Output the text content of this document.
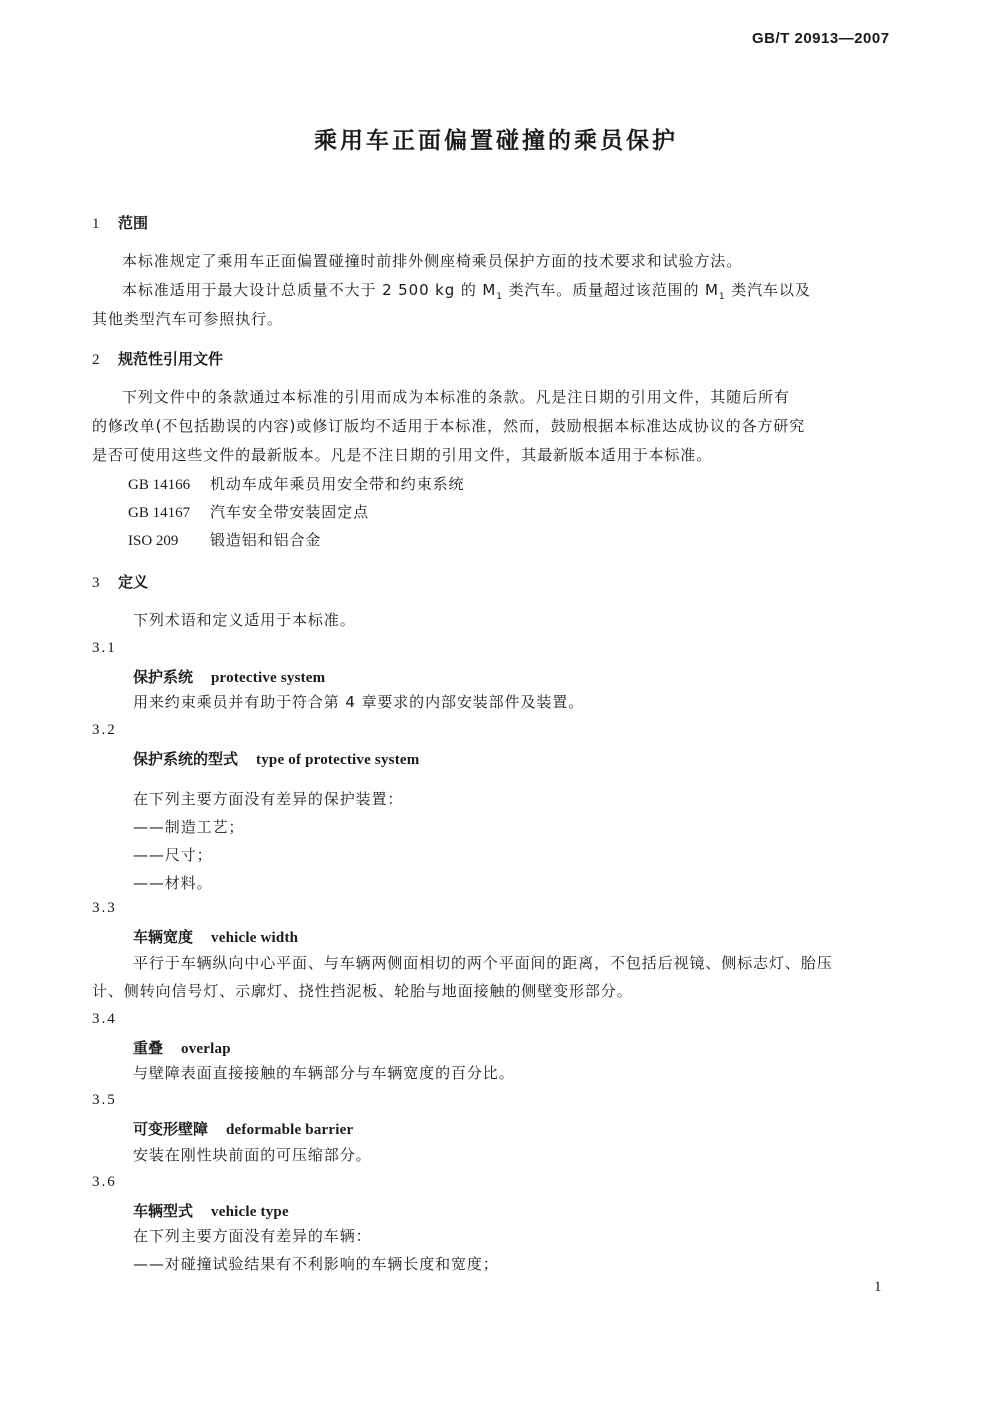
GB/T 20913—2007
乘用车正面偏置碰撞的乘员保护
1 范围
本标准规定了乘用车正面偏置碰撞时前排外侧座椅乘员保护方面的技术要求和试验方法。
本标准适用于最大设计总质量不大于 2 500 kg 的 $M_1$ 类汽车。质量超过该范围的 $M_1$ 类汽车以及
其他类型汽车可参照执行。
2 规范性引用文件
下列文件中的条款通过本标准的引用而成为本标准的条款。凡是注日期的引用文件，其随后所有
的修改单(不包括勘误的内容)或修订版均不适用于本标准，然而，鼓励根据本标准达成协议的各方研究
是否可使用这些文件的最新版本。凡是不注日期的引用文件，其最新版本适用于本标准。
GB 14166 机动车成年乘员用安全带和约束系统
GB 14167 汽车安全带安装固定点
ISO 209 锻造铝和铝合金
3 定义
下列术语和定义适用于本标准。
3.1
保护系统 protective system
用来约束乘员并有助于符合第 4 章要求的内部安装部件及装置。
3.2
保护系统的型式 type of protective system
在下列主要方面没有差异的保护装置：
——制造工艺；
——尺寸；
——材料。
3.3
车辆宽度 vehicle width
平行于车辆纵向中心平面、与车辆两侧面相切的两个平面间的距离，不包括后视镜、侧标志灯、胎压
计、侧转向信号灯、示廓灯、挠性挡泥板、轮胎与地面接触的侧壁变形部分。
3.4
重叠 overlap
与壁障表面直接接触的车辆部分与车辆宽度的百分比。
3.5
可变形壁障 deformable barrier
安装在刚性块前面的可压缩部分。
3.6
车辆型式 vehicle type
在下列主要方面没有差异的车辆：
——对碰撞试验结果有不利影响的车辆长度和宽度；
1
